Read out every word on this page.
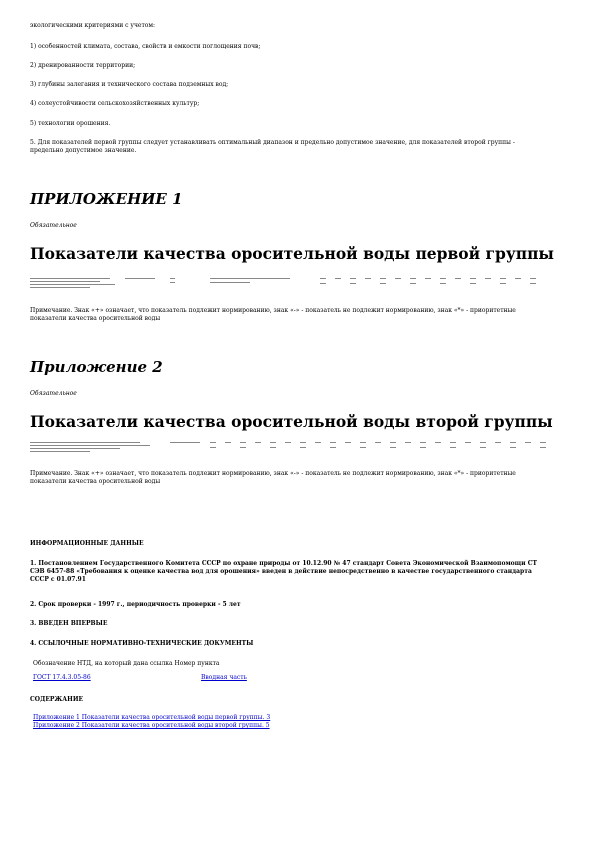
экологическими критериями с учетом:
1) особенностей климата, состава, свойств и емкости поглощения почв;
2) дренированности территории;
3) глубины залегания и технического состава подземных вод;
4) солеустойчивости сельскохозяйственных культур;
5) технологии орошения.
5. Для показателей первой группы следует устанавливать оптимальный диапазон и предельно допустимое значение, для показателей второй группы - предельно допустимое значение.
ПРИЛОЖЕНИЕ 1
Обязательное
Показатели качества оросительной воды первой группы
Примечание. Знак «+» означает, что показатель подлежит нормированию, знак «-» - показатель не подлежит нормированию, знак «*» - приоритетные показатели качества оросительной воды
Приложение 2
Обязательное
Показатели качества оросительной воды второй группы
Примечание. Знак «+» означает, что показатель подлежит нормированию, знак «-» - показатель не подлежит нормированию, знак «*» - приоритетные показатели качества оросительной воды
ИНФОРМАЦИОННЫЕ ДАННЫЕ
1. Постановлением Государственного Комитета СССР по охране природы от 10.12.90 № 47 стандарт Совета Экономической Взаимопомощи СТ СЭВ 6457-88 «Требования к оценке качества вод для орошения» введен в действие непосредственно в качестве государственного стандарта СССР с 01.07.91
2. Срок проверки - 1997 г., периодичность проверки - 5 лет
3. ВВЕДЕН ВПЕРВЫЕ
4. ССЫЛОЧНЫЕ НОРМАТИВНО-ТЕХНИЧЕСКИЕ ДОКУМЕНТЫ
Обозначение НТД, на который дана ссылка Номер пункта
ГОСТ 17.4.3.05-86	Вводная часть
СОДЕРЖАНИЕ
Приложение 1 Показатели качества оросительной воды первой группы. 3
Приложение 2 Показатели качества оросительной воды второй группы. 5
